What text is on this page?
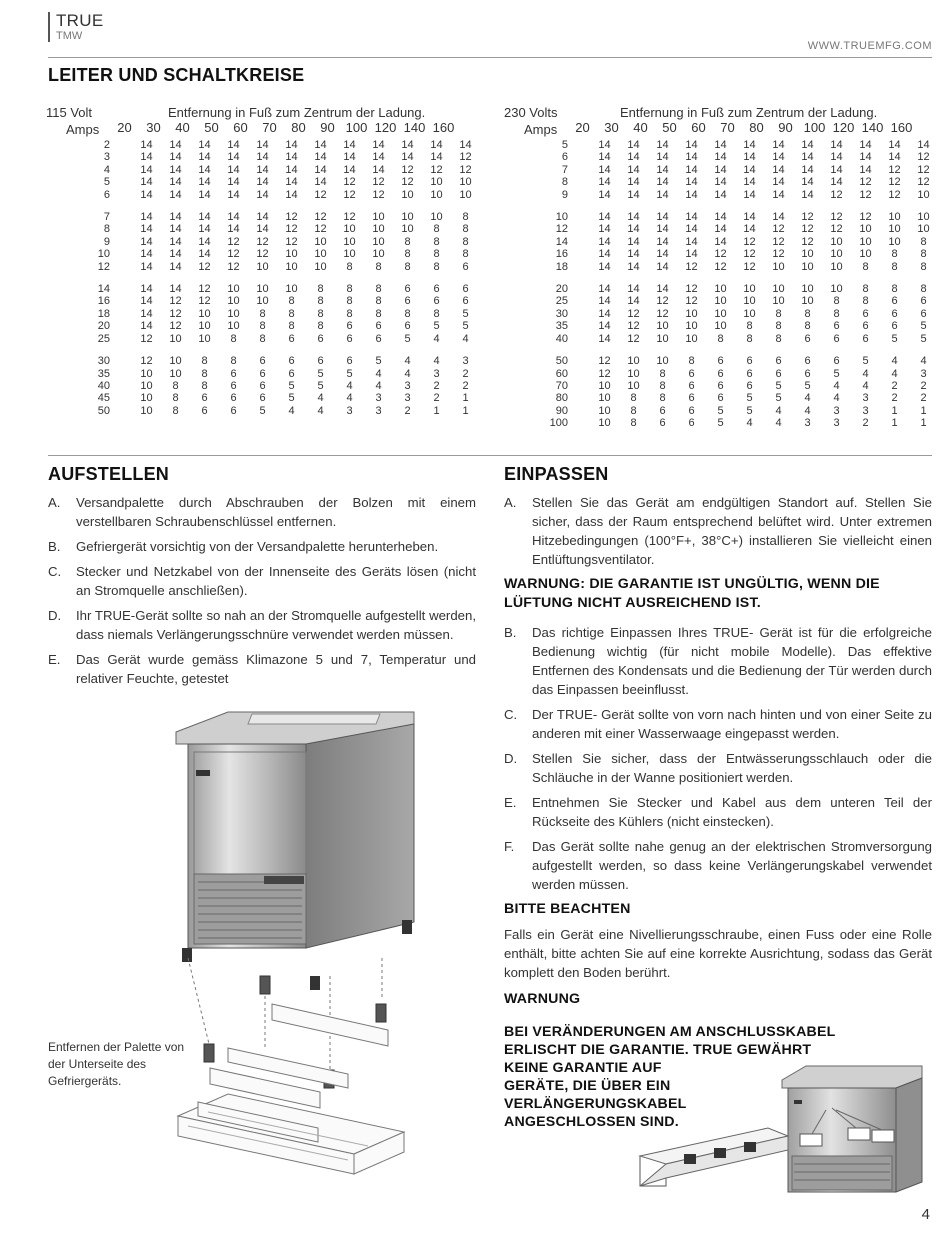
TRUE
TMW
WWW.TRUEMFG.COM
LEITER UND SCHALTKREISE
115 Volt	Entfernung in Fuß zum Zentrum der Ladung.
Amps 20	30	40	50	60	70	80	90	100	120	140	160
2	14	14	14	14	14	14	14	14	14	14	14	14
3	14	14	14	14	14	14	14	14	14	14	14	12
4	14	14	14	14	14	14	14	14	14	12	12	12
5	14	14	14	14	14	14	14	12	12	12	10	10
6	14	14	14	14	14	14	12	12	12	10	10	10

7	14	14	14	14	14	12	12	12	10	10	10	8
8	14	14	14	14	14	12	12	10	10	10	8	8
9	14	14	14	12	12	12	10	10	10	8	8	8
10	14	14	14	12	12	10	10	10	10	8	8	8
12	14	14	12	12	10	10	10	8	8	8	8	6

14	14	14	12	10	10	10	8	8	8	6	6	6
16	14	12	12	10	10	8	8	8	8	6	6	6
18	14	12	10	10	8	8	8	8	8	8	8	5
20	14	12	10	10	8	8	8	6	6	6	5	5
25	12	10	10	8	8	6	6	6	6	5	4	4

30	12	10	8	8	6	6	6	6	5	4	4	3
35	10	10	8	6	6	6	5	5	4	4	3	2
40	10	8	8	6	6	5	5	4	4	3	2	2
45	10	8	6	6	6	5	4	4	3	3	2	1
50	10	8	6	6	5	4	4	3	3	2	1	1
230 Volts	Entfernung in Fuß zum Zentrum der Ladung.
Amps 20	30	40	50	60	70	80	90	100	120	140	160
5	14	14	14	14	14	14	14	14	14	14	14	14
6	14	14	14	14	14	14	14	14	14	14	14	12
7	14	14	14	14	14	14	14	14	14	14	12	12
8	14	14	14	14	14	14	14	14	14	12	12	12
9	14	14	14	14	14	14	14	14	12	12	12	10

10	14	14	14	14	14	14	14	12	12	12	10	10
12	14	14	14	14	14	14	12	12	12	10	10	10
14	14	14	14	14	14	12	12	12	10	10	10	8
16	14	14	14	14	12	12	12	10	10	10	8	8
18	14	14	14	12	12	12	10	10	10	8	8	8

20	14	14	14	12	10	10	10	10	10	8	8	8
25	14	14	12	12	10	10	10	10	8	8	6	6
30	14	12	12	10	10	10	8	8	8	6	6	6
35	14	12	10	10	10	8	8	8	6	6	6	5
40	14	12	10	10	8	8	8	6	6	6	5	5

50	12	10	10	8	6	6	6	6	6	5	4	4
60	12	10	8	6	6	6	6	6	5	4	4	3
70	10	10	8	6	6	6	5	5	4	4	2	2
80	10	8	8	6	6	5	5	4	4	3	2	2
90	10	8	6	6	5	5	4	4	3	3	1	1
100	10	8	6	6	5	4	4	3	3	2	1	1
AUFSTELLEN
A. Versandpalette durch Abschrauben der Bolzen mit einem verstellbaren Schraubenschlüssel entfernen.
B. Gefriergerät vorsichtig von der Versandpalette herunterheben.
C. Stecker und Netzkabel von der Innenseite des Geräts lösen (nicht an Stromquelle anschließen).
D. Ihr TRUE-Gerät sollte so nah an der Stromquelle aufgestellt werden, dass niemals Verlängerungsschnüre verwendet werden müssen.
E. Das Gerät wurde gemäss Klimazone 5 und 7, Temperatur und relativer Feuchte, getestet
Entfernen der Palette von der Unterseite des Gefriergeräts.
EINPASSEN
A. Stellen Sie das Gerät am endgültigen Standort auf. Stellen Sie sicher, dass der Raum entsprechend belüftet wird. Unter extremen Hitzebedingungen (100°F+, 38°C+) installieren Sie vielleicht einen Entlüftungsventilator.
WARNUNG: DIE GARANTIE IST UNGÜLTIG, WENN DIE LÜFTUNG NICHT AUSREICHEND IST.
B. Das richtige Einpassen Ihres TRUE- Gerät ist für die erfolgreiche Bedienung wichtig (für nicht mobile Modelle). Das effektive Entfernen des Kondensats und die Bedienung der Tür werden durch das Einpassen beeinflusst.
C. Der TRUE- Gerät sollte von vorn nach hinten und von einer Seite zu anderen mit einer Wasserwaage eingepasst werden.
D. Stellen Sie sicher, dass der Entwässerungsschlauch oder die Schläuche in der Wanne positioniert werden.
E. Entnehmen Sie Stecker und Kabel aus dem unteren Teil der Rückseite des Kühlers (nicht einstecken).
F. Das Gerät sollte nahe genug an der elektrischen Stromversorgung aufgestellt werden, so dass keine Verlängerungskabel verwendet werden müssen.
BITTE BEACHTEN
Falls ein Gerät eine Nivellierungsschraube, einen Fuss oder eine Rolle enthält, bitte achten Sie auf eine korrekte Ausrichtung, sodass das Gerät komplett den Boden berührt.
WARNUNG
BEI VERÄNDERUNGEN AM ANSCHLUSSKABEL
ERLISCHT DIE GARANTIE. TRUE GEWÄHRT
KEINE GARANTIE AUF
GERÄTE, DIE ÜBER EIN
VERLÄNGERUNGSKABEL
ANGESCHLOSSEN SIND.
4
